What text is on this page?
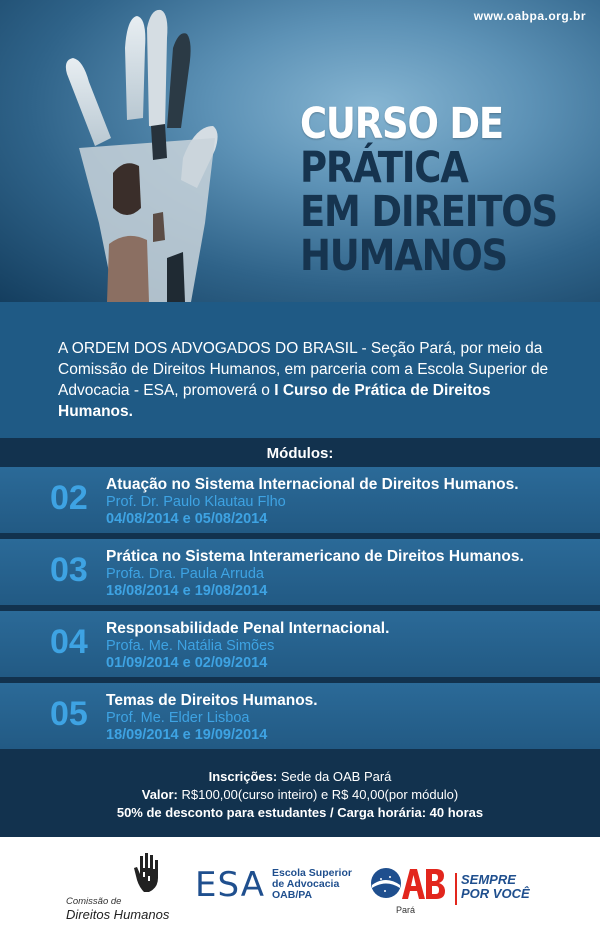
www.oabpa.org.br
CURSO DE
PRÁTICA
EM DIREITOS
HUMANOS

A ORDEM DOS ADVOGADOS DO BRASIL - Seção Pará, por meio da Comissão de Direitos Humanos, em parceria com a Escola Superior de Advocacia - ESA, promoverá o I Curso de Prática de Direitos Humanos.

Módulos:
02 Atuação no Sistema Internacional de Direitos Humanos.
Prof. Dr. Paulo Klautau Flho
04/08/2014 e 05/08/2014
03 Prática no Sistema Interamericano de Direitos Humanos.
Profa. Dra. Paula Arruda
18/08/2014 e 19/08/2014
04 Responsabilidade Penal Internacional.
Profa. Me. Natália Simões
01/09/2014 e 02/09/2014
05 Temas de Direitos Humanos.
Prof. Me. Elder Lisboa
18/09/2014 e 19/09/2014
Inscrições: Sede da OAB Pará
Valor: R$100,00(curso inteiro) e R$ 40,00(por módulo)
50% de desconto para estudantes / Carga horária: 40 horas
Comissão de
Direitos Humanos
ESA Escola Superior
de Advocacia
OAB/PA
Pará
SEMPRE
POR VOCÊ
